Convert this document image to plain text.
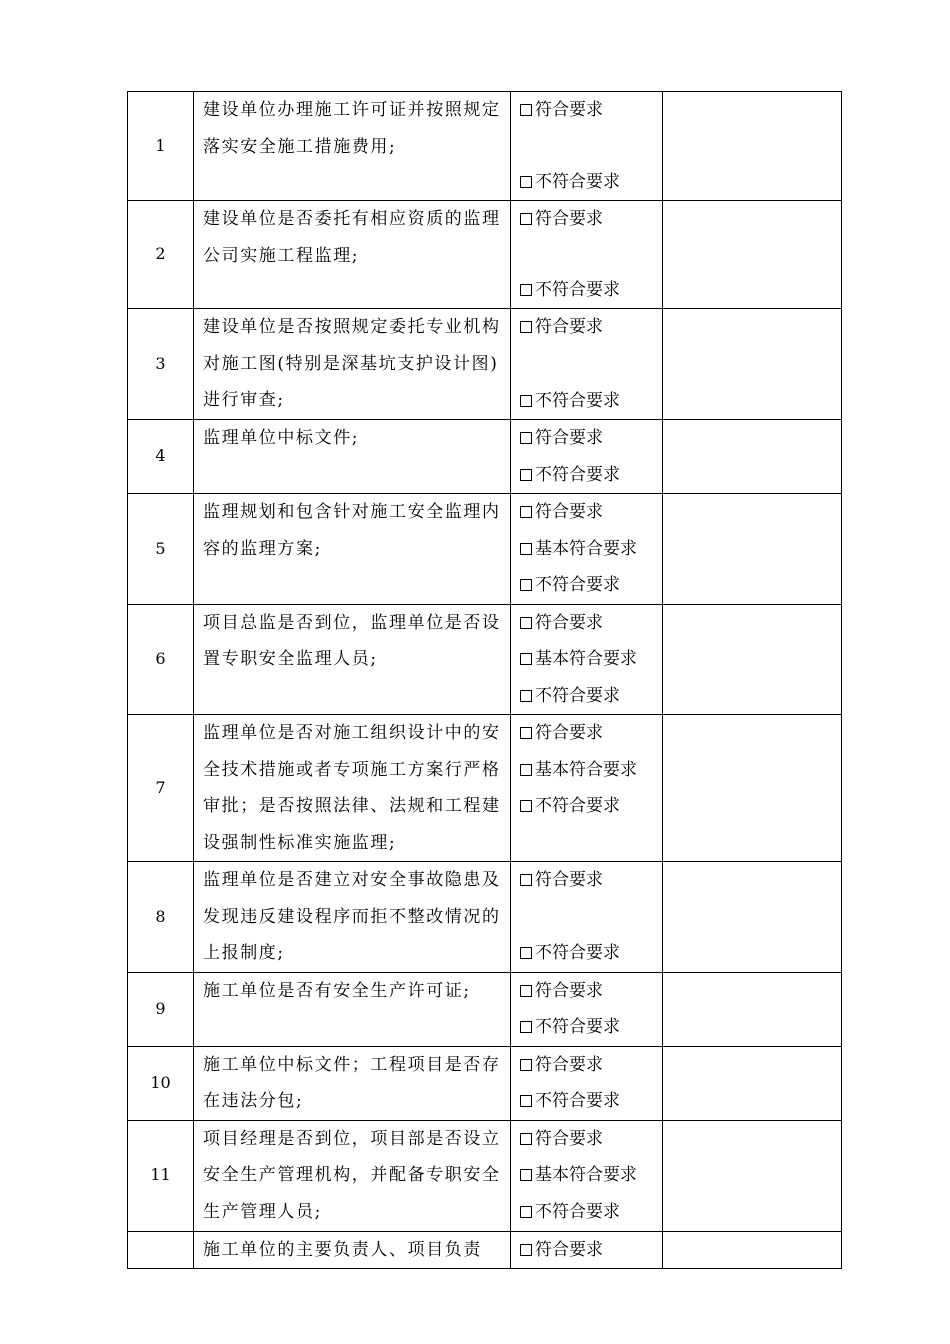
1	建设单位办理施工许可证并按照规定落实安全施工措施费用;	符合要求
不符合要求	

2	建设单位是否委托有相应资质的监理公司实施工程监理;	符合要求
不符合要求	

3	建设单位是否按照规定委托专业机构对施工图(特别是深基坑支护设计图)进行审查;	符合要求
不符合要求	

4	监理单位中标文件;	符合要求
不符合要求	

5	监理规划和包含针对施工安全监理内容的监理方案;	符合要求
基本符合要求
不符合要求	

6	项目总监是否到位，监理单位是否设置专职安全监理人员;	符合要求
基本符合要求
不符合要求	

7	监理单位是否对施工组织设计中的安全技术措施或者专项施工方案行严格审批；是否按照法律、法规和工程建设强制性标准实施监理;	符合要求
基本符合要求
不符合要求	

8	监理单位是否建立对安全事故隐患及发现违反建设程序而拒不整改情况的上报制度;	符合要求
不符合要求	

9	施工单位是否有安全生产许可证;	符合要求
不符合要求	

10	施工单位中标文件；工程项目是否存在违法分包;	符合要求
不符合要求	

11	项目经理是否到位，项目部是否设立安全生产管理机构，并配备专职安全生产管理人员;	符合要求
基本符合要求
不符合要求	

	施工单位的主要负责人、项目负责	符合要求	
